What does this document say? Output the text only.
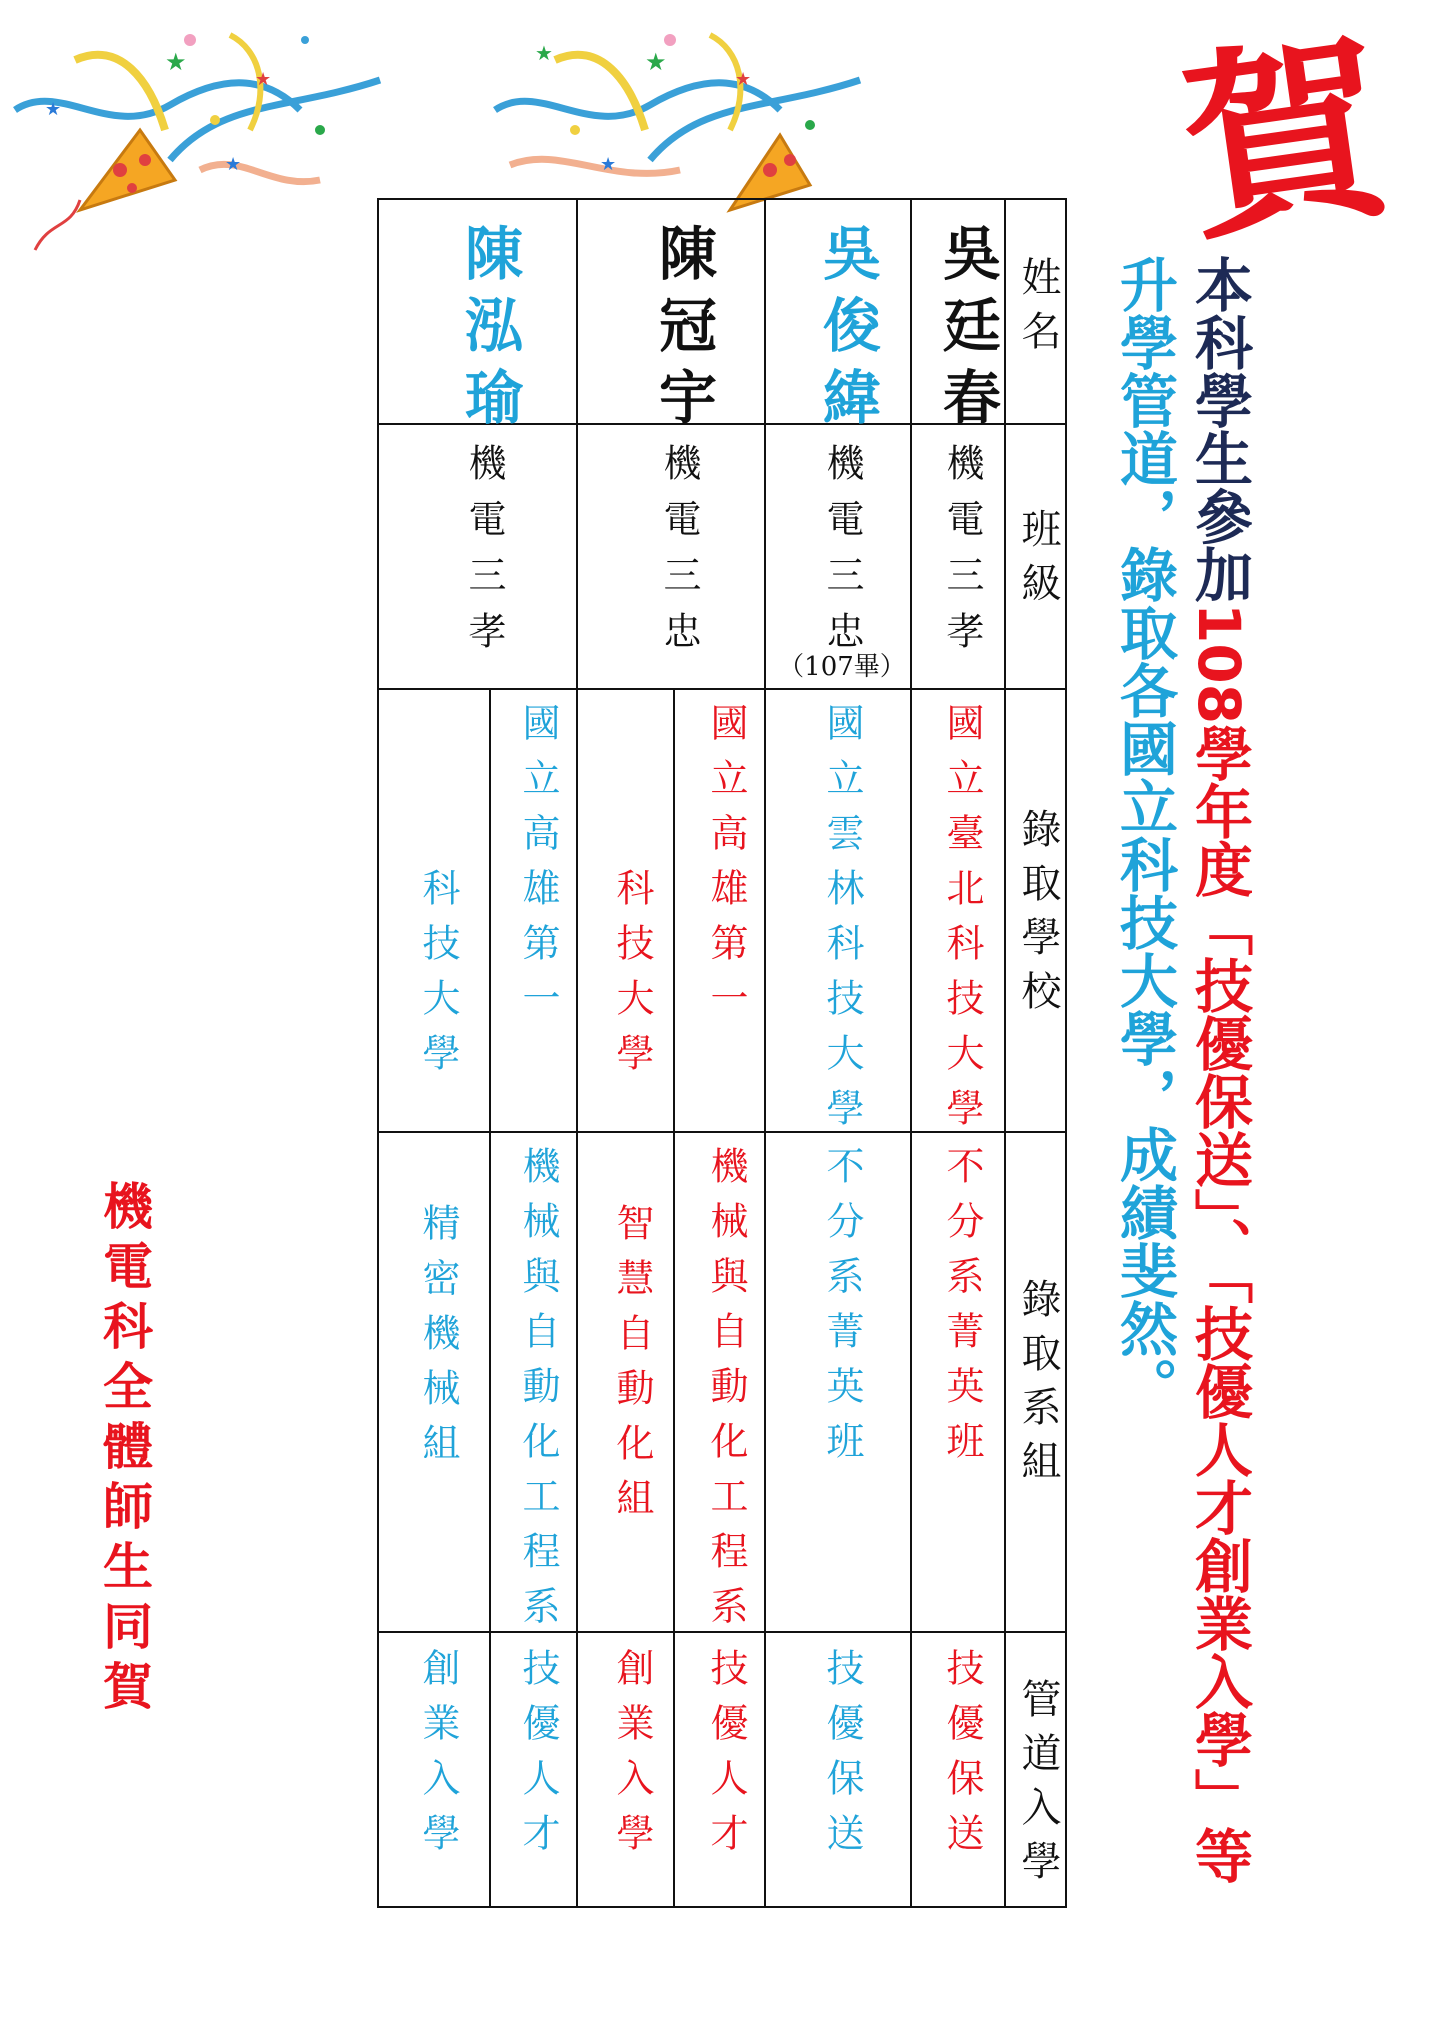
★
★
★
★
★
★
★
★	賀
本科學生參加108學年度「技優保送」、「技優人才創業入學」等
升學管道，錄取各國立科技大學，成績斐然。
機電科全體師生同賀
姓名
班級
錄取學校
錄取系組
管道入學
吳廷春
機電三孝
國立臺北科技大學
不分系菁英班
技優保送
吳俊緯
機電三忠
（107畢）
國立雲林科技大學
不分系菁英班
技優保送
陳冠宇
機電三忠
國立高雄第一
科技大學
機械與自動化工程系
智慧自動化組
技優人才
創業入學
陳泓瑜
機電三孝
國立高雄第一
科技大學
機械與自動化工程系
精密機械組
技優人才
創業入學
